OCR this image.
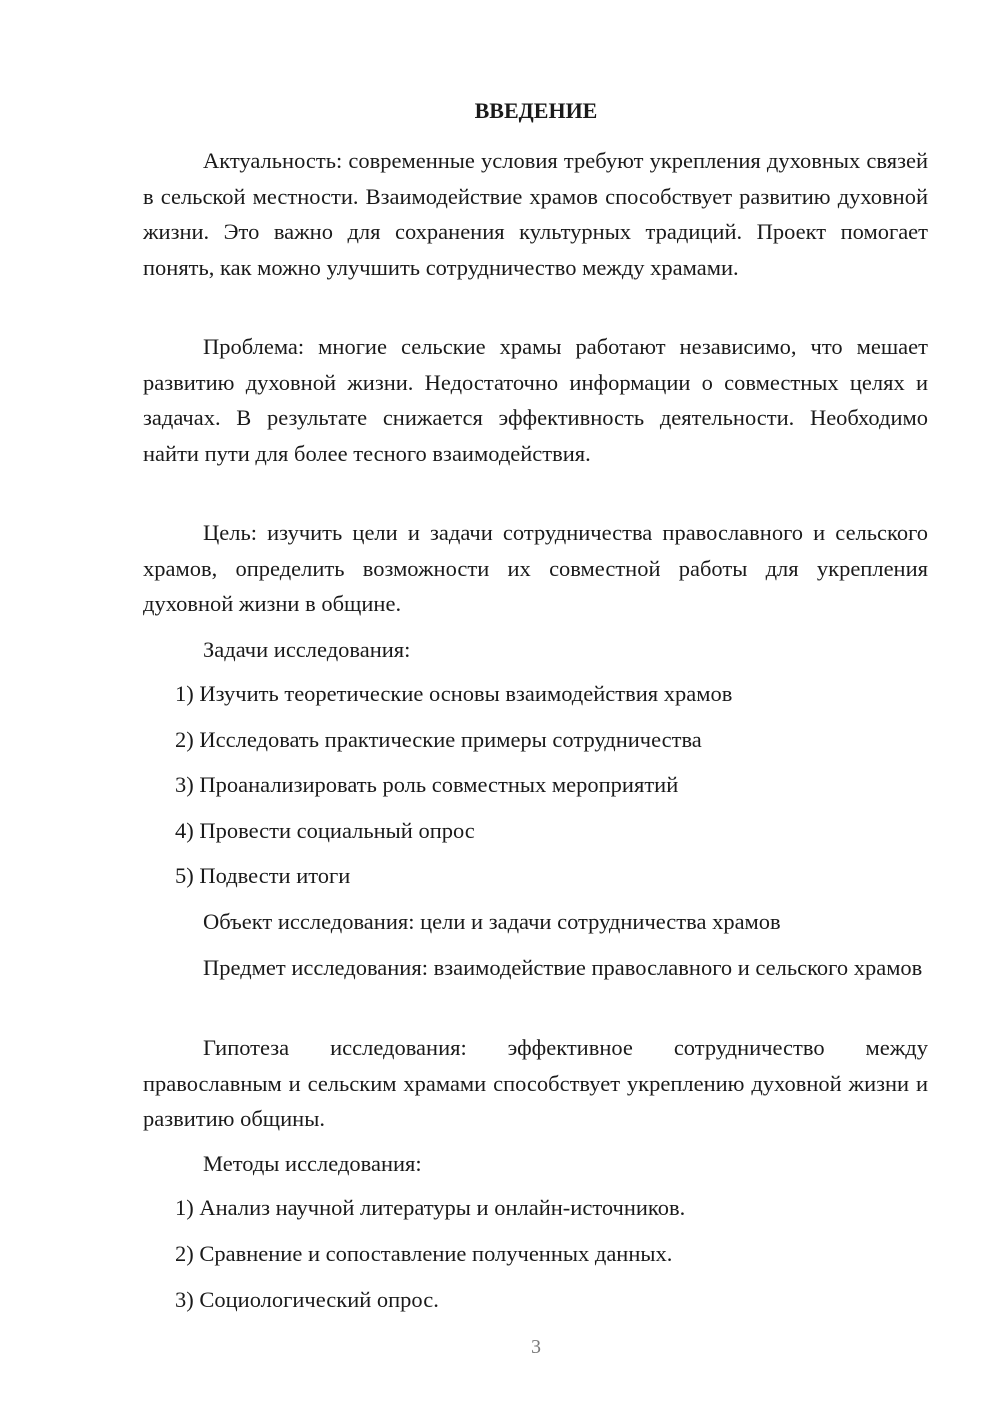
ВВЕДЕНИЕ
Актуальность: современные условия требуют укрепления духовных связей в сельской местности. Взаимодействие храмов способствует развитию духовной жизни. Это важно для сохранения культурных традиций. Проект помогает понять, как можно улучшить сотрудничество между храмами.
Проблема: многие сельские храмы работают независимо, что мешает развитию духовной жизни. Недостаточно информации о совместных целях и задачах. В результате снижается эффективность деятельности. Необходимо найти пути для более тесного взаимодействия.
Цель: изучить цели и задачи сотрудничества православного и сельского храмов, определить возможности их совместной работы для укрепления духовной жизни в общине.
Задачи исследования:
1) Изучить теоретические основы взаимодействия храмов
2) Исследовать практические примеры сотрудничества
3) Проанализировать роль совместных мероприятий
4) Провести социальный опрос
5) Подвести итоги
Объект исследования: цели и задачи сотрудничества храмов
Предмет исследования: взаимодействие православного и сельского храмов
Гипотеза исследования: эффективное сотрудничество между православным и сельским храмами способствует укреплению духовной жизни и развитию общины.
Методы исследования:
1) Анализ научной литературы и онлайн-источников.
2) Сравнение и сопоставление полученных данных.
3) Социологический опрос.
3
